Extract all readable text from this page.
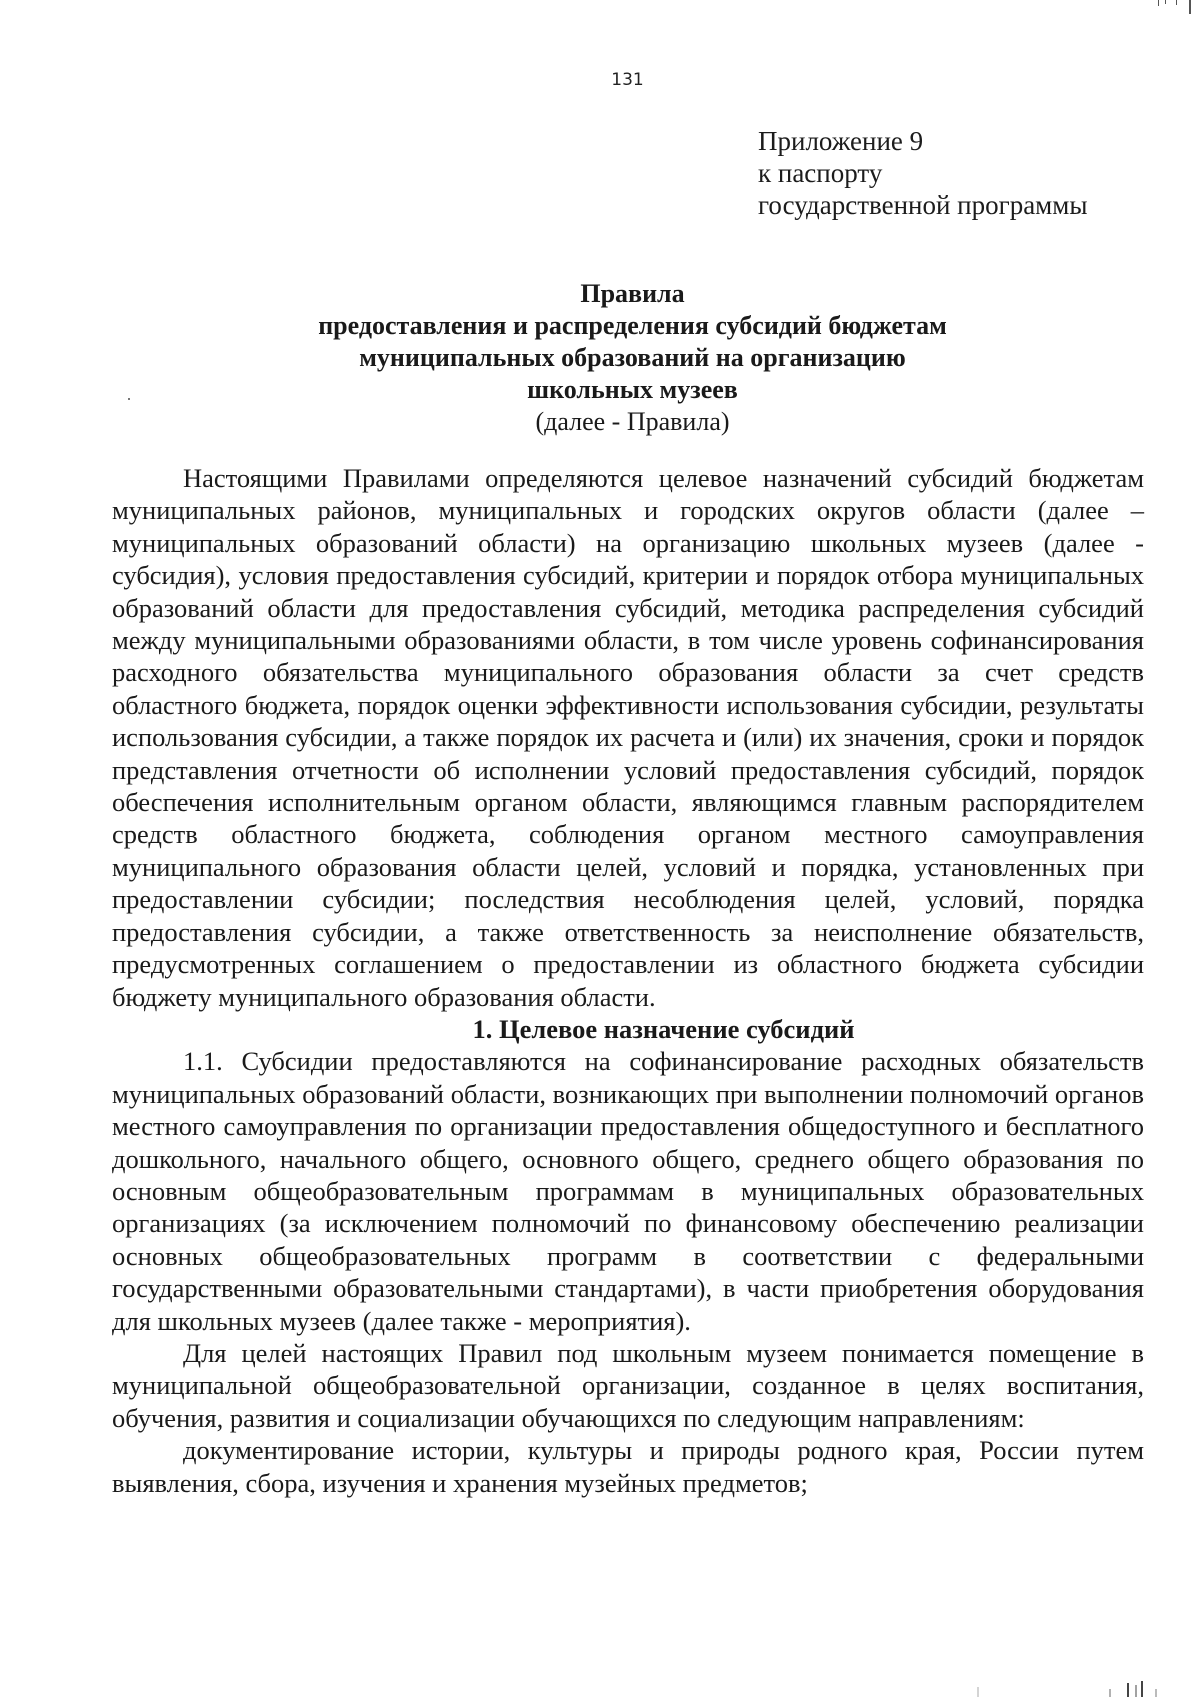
131
Приложение 9
к паспорту
государственной программы
Правила
предоставления и распределения субсидий бюджетам
муниципальных образований на организацию
школьных музеев
(далее - Правила)

Настоящими Правилами определяются целевое назначений субсидий бюджетам муниципальных районов, муниципальных и городских округов области (далее – муниципальных образований области) на организацию школьных музеев (далее - субсидия), условия предоставления субсидий, критерии и порядок отбора муниципальных образований области для предоставления субсидий, методика распределения субсидий между муниципальными образованиями области, в том числе уровень софинансирования расходного обязательства муниципального образования области за счет средств областного бюджета, порядок оценки эффективности использования субсидии, результаты использования субсидии, а также порядок их расчета и (или) их значения, сроки и порядок представления отчетности об исполнении условий предоставления субсидий, порядок обеспечения исполнительным органом области, являющимся главным распорядителем средств областного бюджета, соблюдения органом местного самоуправления муниципального образования области целей, условий и порядка, установленных при предоставлении субсидии; последствия несоблюдения целей, условий, порядка предоставления субсидии, а также ответственность за неисполнение обязательств, предусмотренных соглашением о предоставлении из областного бюджета субсидии бюджету муниципального образования области.

1. Целевое назначение субсидий

1.1. Субсидии предоставляются на софинансирование расходных обязательств муниципальных образований области, возникающих при выполнении полномочий органов местного самоуправления по организации предоставления общедоступного и бесплатного дошкольного, начального общего, основного общего, среднего общего образования по основным общеобразовательным программам в муниципальных образовательных организациях (за исключением полномочий по финансовому обеспечению реализации основных общеобразовательных программ в соответствии с федеральными государственными образовательными стандартами), в части приобретения оборудования для школьных музеев (далее также - мероприятия).

Для целей настоящих Правил под школьным музеем понимается помещение в муниципальной общеобразовательной организации, созданное в целях воспитания, обучения, развития и социализации обучающихся по следующим направлениям:

документирование истории, культуры и природы родного края, России путем выявления, сбора, изучения и хранения музейных предметов;
